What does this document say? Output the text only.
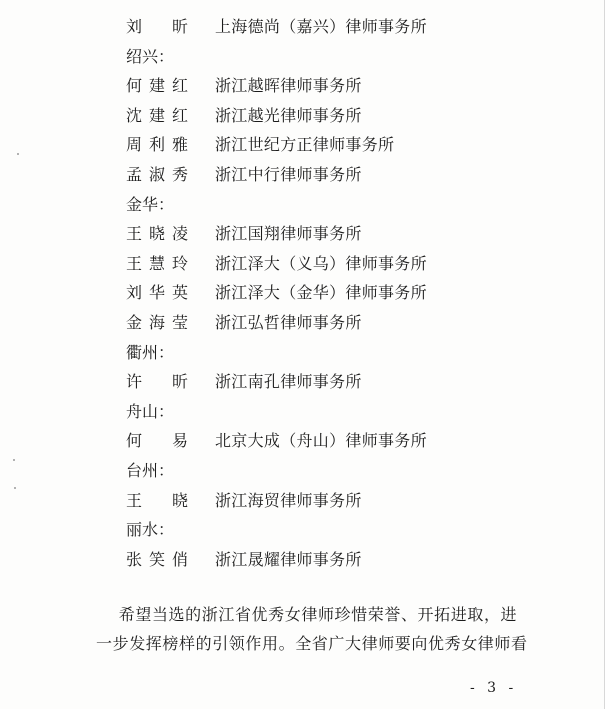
刘 昕 上海德尚（嘉兴）律师事务所
绍兴：
何 建 红 浙江越晖律师事务所
沈 建 红 浙江越光律师事务所
周 利 雅 浙江世纪方正律师事务所
孟 淑 秀 浙江中行律师事务所
金华：
王 晓 凌 浙江国翔律师事务所
王 慧 玲 浙江泽大（义乌）律师事务所
刘 华 英 浙江泽大（金华）律师事务所
金 海 莹 浙江弘哲律师事务所
衢州：
许 昕 浙江南孔律师事务所
舟山：
何 易 北京大成（舟山）律师事务所
台州：
王 晓 浙江海贸律师事务所
丽水：
张 笑 俏 浙江晟耀律师事务所

希望当选的浙江省优秀女律师珍惜荣誉、开拓进取，进

一步发挥榜样的引领作用。全省广大律师要向优秀女律师看

- 3 -
